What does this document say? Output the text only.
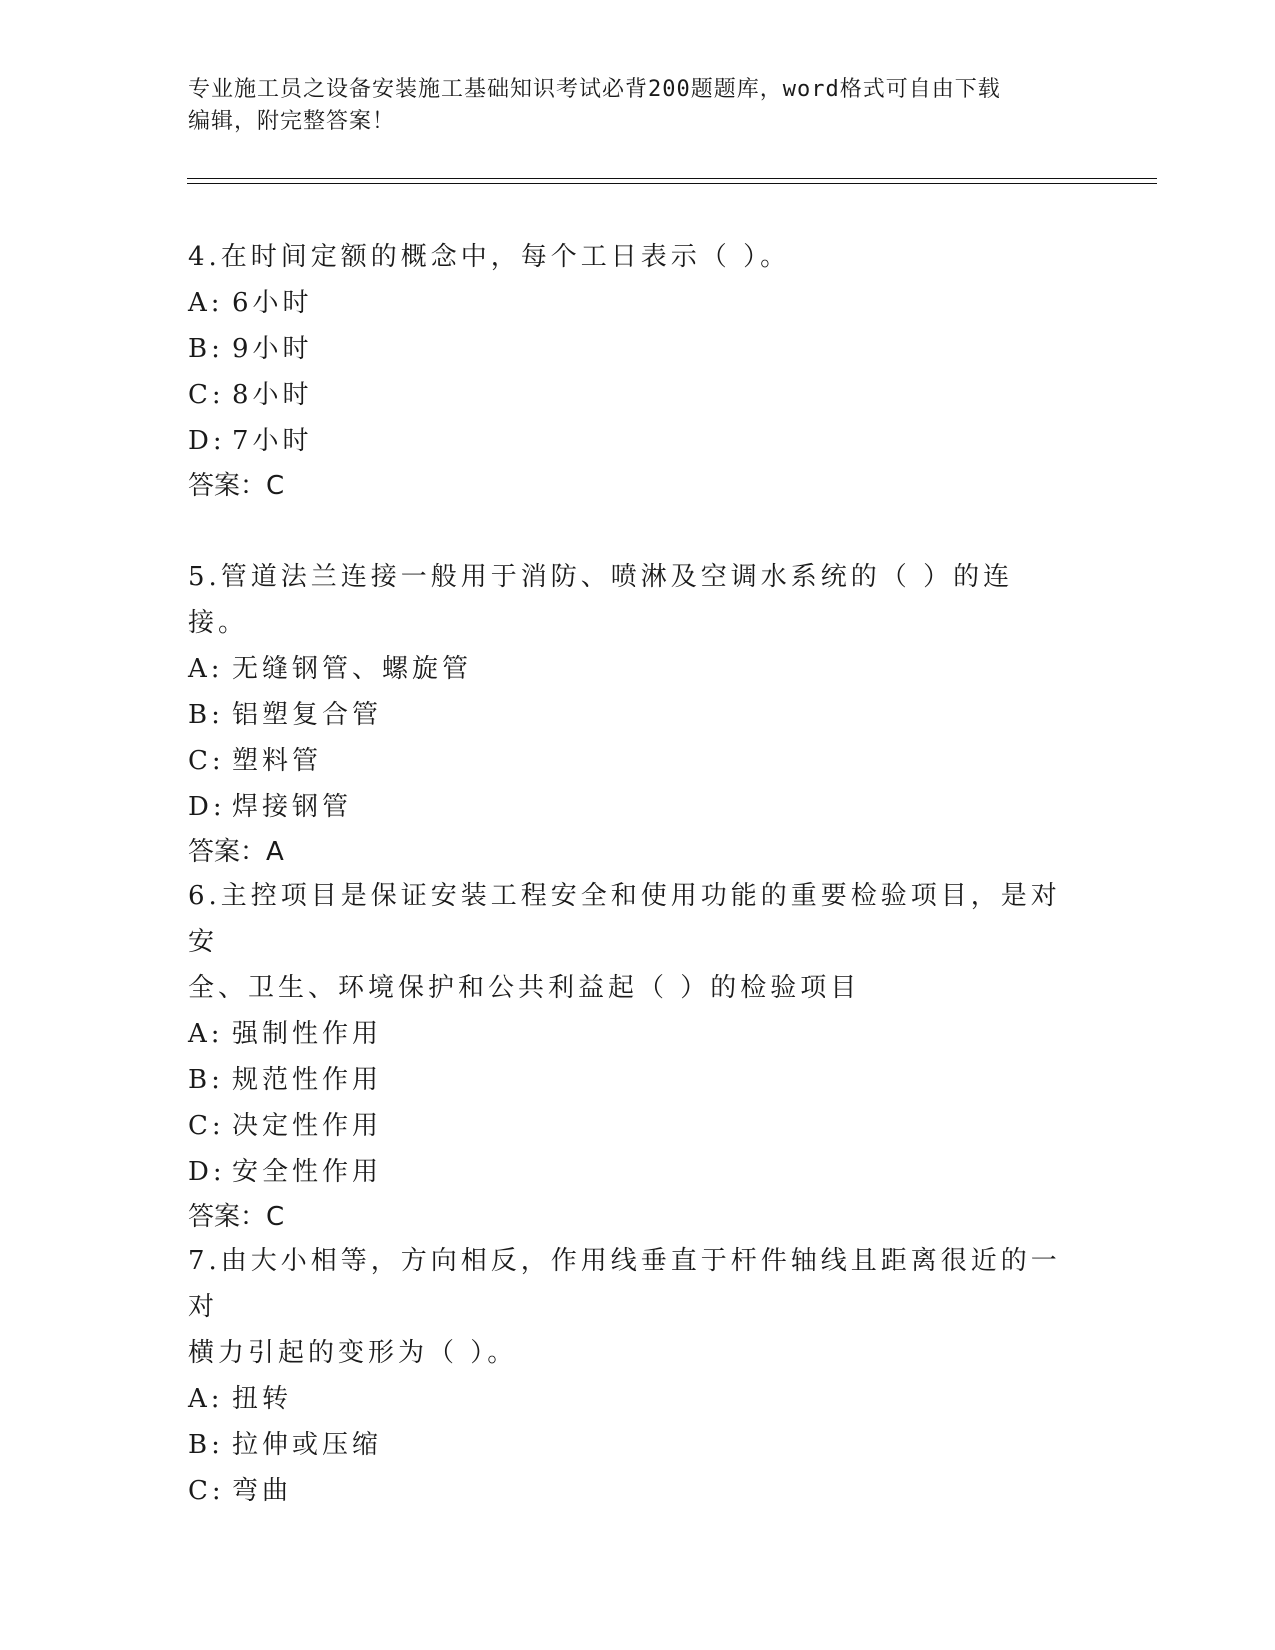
专业施工员之设备安装施工基础知识考试必背200题题库，word格式可自由下载
编辑，附完整答案！

4.在时间定额的概念中，每个工日表示（ ）。

A: 6小时

B: 9小时

C: 8小时

D: 7小时

答案：C

5.管道法兰连接一般用于消防、喷淋及空调水系统的（ ）的连接。

A: 无缝钢管、螺旋管

B: 铝塑复合管

C: 塑料管

D: 焊接钢管

答案：A

6.主控项目是保证安装工程安全和使用功能的重要检验项目，是对安

全、卫生、环境保护和公共利益起（ ）的检验项目

A: 强制性作用

B: 规范性作用

C: 决定性作用

D: 安全性作用

答案：C

7.由大小相等，方向相反，作用线垂直于杆件轴线且距离很近的一对

横力引起的变形为（ ）。

A: 扭转

B: 拉伸或压缩

C: 弯曲
